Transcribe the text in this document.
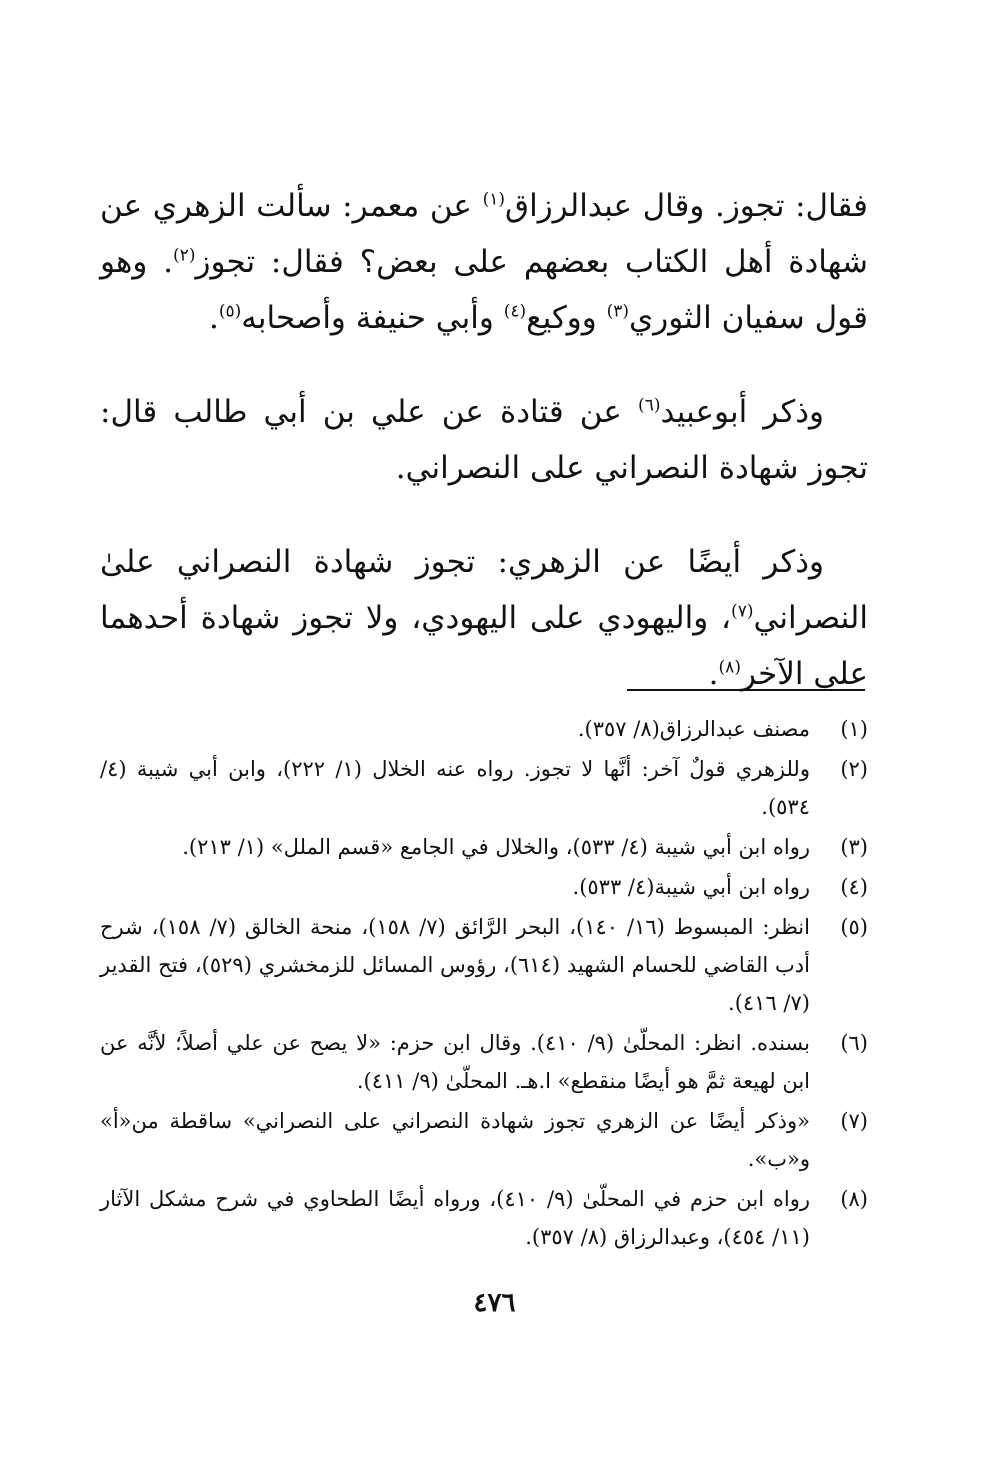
فقال: تجوز. وقال عبدالرزاق$^{(١)}$ عن معمر: سألت الزهري عن شهادة أهل الكتاب بعضهم على بعض؟ فقال: تجوز$^{(٢)}$. وهو قول سفيان الثوري$^{(٣)}$ ووكيع$^{(٤)}$ وأبي حنيفة وأصحابه$^{(٥)}$.

وذكر أبوعبيد$^{(٦)}$ عن قتادة عن علي بن أبي طالب قال: تجوز شهادة النصراني على النصراني.

وذكر أيضًا عن الزهري: تجوز شهادة النصراني علىٰ النصراني$^{(٧)}$، واليهودي على اليهودي، ولا تجوز شهادة أحدهما على الآخر$^{(٨)}$.

(١)
مصنف عبدالرزاق(٨/ ٣٥٧).
(٢)
وللزهري قولٌ آخر: أنَّها لا تجوز. رواه عنه الخلال (١/ ٢٢٢)، وابن أبي شيبة (٤/ ٥٣٤).
(٣)
رواه ابن أبي شيبة (٤/ ٥٣٣)، والخلال في الجامع «قسم الملل» (١/ ٢١٣).
(٤)
رواه ابن أبي شيبة(٤/ ٥٣٣).
(٥)
انظر: المبسوط (١٦/ ١٤٠)، البحر الرَّائق (٧/ ١٥٨)، منحة الخالق (٧/ ١٥٨)، شرح أدب القاضي للحسام الشهيد (٦١٤)، رؤوس المسائل للزمخشري (٥٢٩)، فتح القدير (٧/ ٤١٦).
(٦)
بسنده. انظر: المحلّىٰ (٩/ ٤١٠). وقال ابن حزم: «لا يصح عن علي أصلاً؛ لأنَّه عن ابن لهيعة ثمَّ هو أيضًا منقطع» ا.هـ. المحلّىٰ (٩/ ٤١١).
(٧)
«وذكر أيضًا عن الزهري تجوز شهادة النصراني على النصراني» ساقطة من«أ» و«ب».
(٨)
رواه ابن حزم في المحلّىٰ (٩/ ٤١٠)، ورواه أيضًا الطحاوي في شرح مشكل الآثار (١١/ ٤٥٤)، وعبدالرزاق (٨/ ٣٥٧).
٤٧٦
